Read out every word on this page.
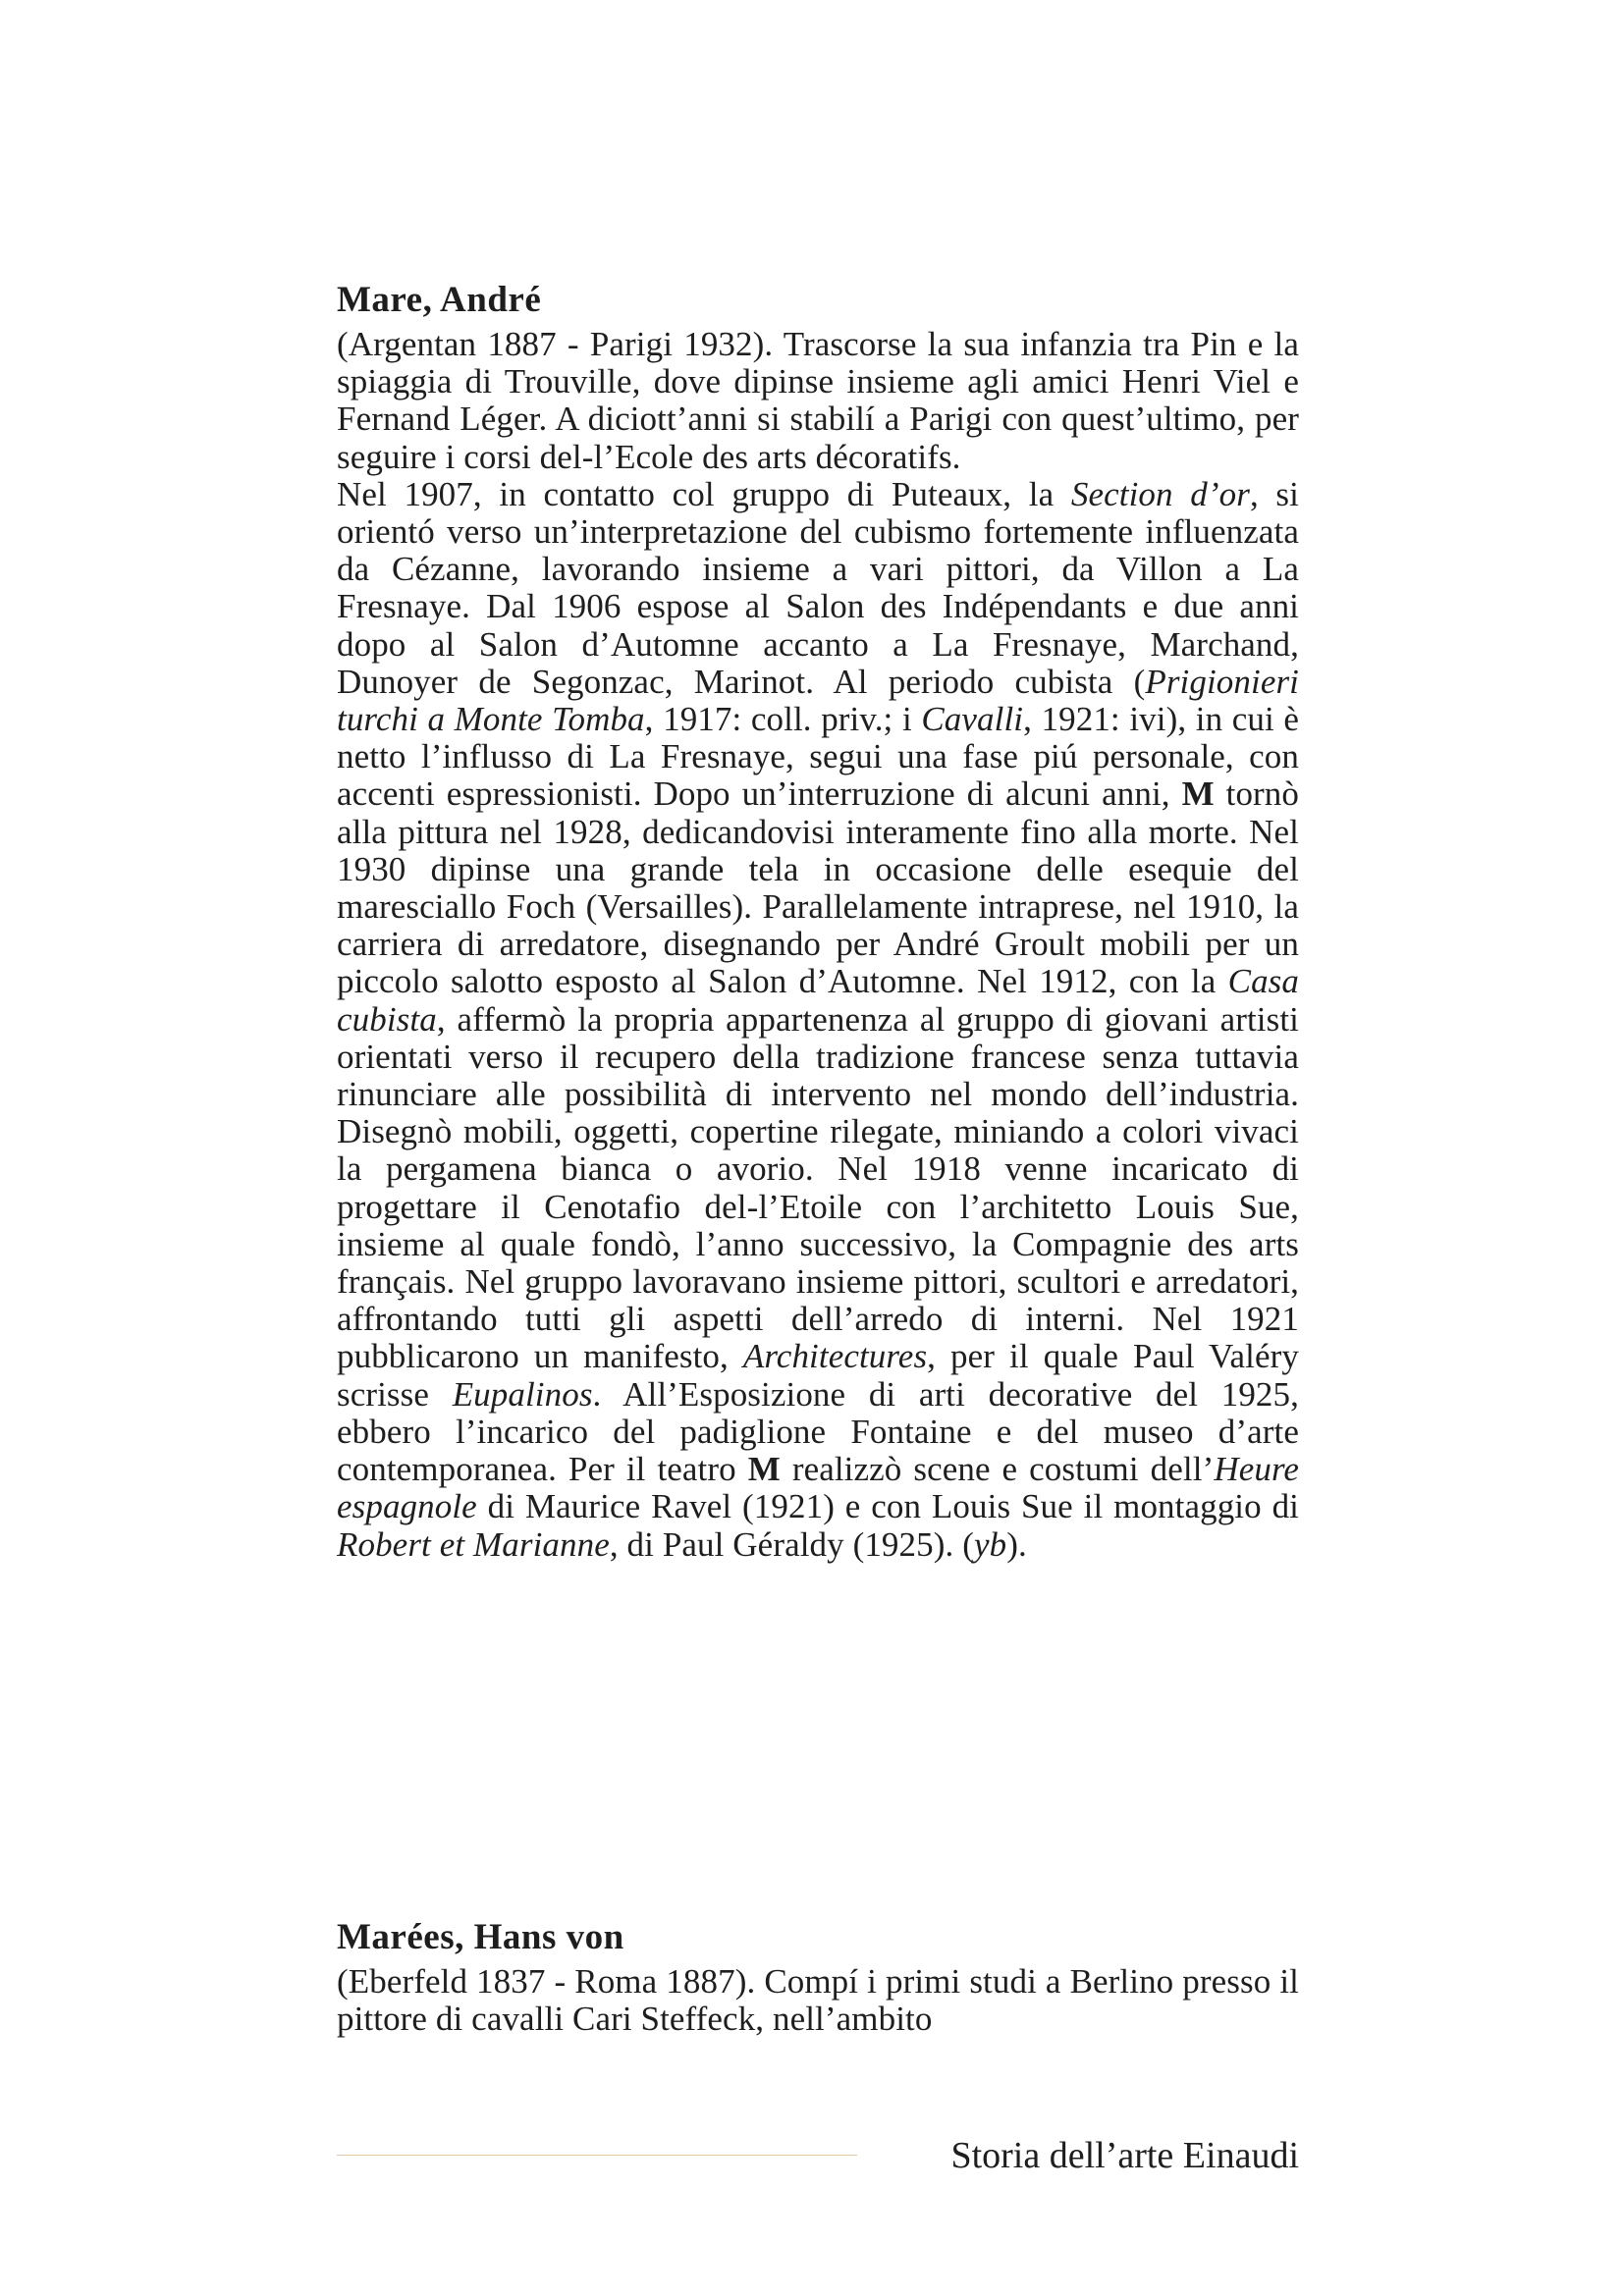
Mare, André

(Argentan 1887 - Parigi 1932). Trascorse la sua infanzia tra Pin e la spiaggia di Trouville, dove dipinse insieme agli amici Henri Viel e Fernand Léger. A diciott’anni si stabilí a Parigi con quest’ultimo, per seguire i corsi del-l’Ecole des arts décoratifs.

Nel 1907, in contatto col gruppo di Puteaux, la Section d’or, si orientó verso un’interpretazione del cubismo fortemente influenzata da Cézanne, lavorando insieme a vari pittori, da Villon a La Fresnaye. Dal 1906 espose al Salon des Indépendants e due anni dopo al Salon d’Automne accanto a La Fresnaye, Marchand, Dunoyer de Segonzac, Marinot. Al periodo cubista (Prigionieri turchi a Monte Tomba, 1917: coll. priv.; i Cavalli, 1921: ivi), in cui è netto l’influsso di La Fresnaye, segui una fase piú personale, con accenti espressionisti. Dopo un’interruzione di alcuni anni, M tornò alla pittura nel 1928, dedicandovisi interamente fino alla morte. Nel 1930 dipinse una grande tela in occasione delle esequie del maresciallo Foch (Versailles). Parallelamente intraprese, nel 1910, la carriera di arredatore, disegnando per André Groult mobili per un piccolo salotto esposto al Salon d’Automne. Nel 1912, con la Casa cubista, affermò la propria appartenenza al gruppo di giovani artisti orientati verso il recupero della tradizione francese senza tuttavia rinunciare alle possibilità di intervento nel mondo dell’industria. Disegnò mobili, oggetti, copertine rilegate, miniando a colori vivaci la pergamena bianca o avorio. Nel 1918 venne incaricato di progettare il Cenotafio del-l’Etoile con l’architetto Louis Sue, insieme al quale fondò, l’anno successivo, la Compagnie des arts français. Nel gruppo lavoravano insieme pittori, scultori e arredatori, affrontando tutti gli aspetti dell’arredo di interni. Nel 1921 pubblicarono un manifesto, Architectures, per il quale Paul Valéry scrisse Eupalinos. All’Esposizione di arti decorative del 1925, ebbero l’incarico del padiglione Fontaine e del museo d’arte contemporanea. Per il teatro M realizzò scene e costumi dell’Heure espagnole di Maurice Ravel (1921) e con Louis Sue il montaggio di Robert et Marianne, di Paul Géraldy (1925). (yb).

Marées, Hans von

(Eberfeld 1837 - Roma 1887). Compí i primi studi a Berlino presso il pittore di cavalli Cari Steffeck, nell’ambito

Storia dell’arte Einaudi
